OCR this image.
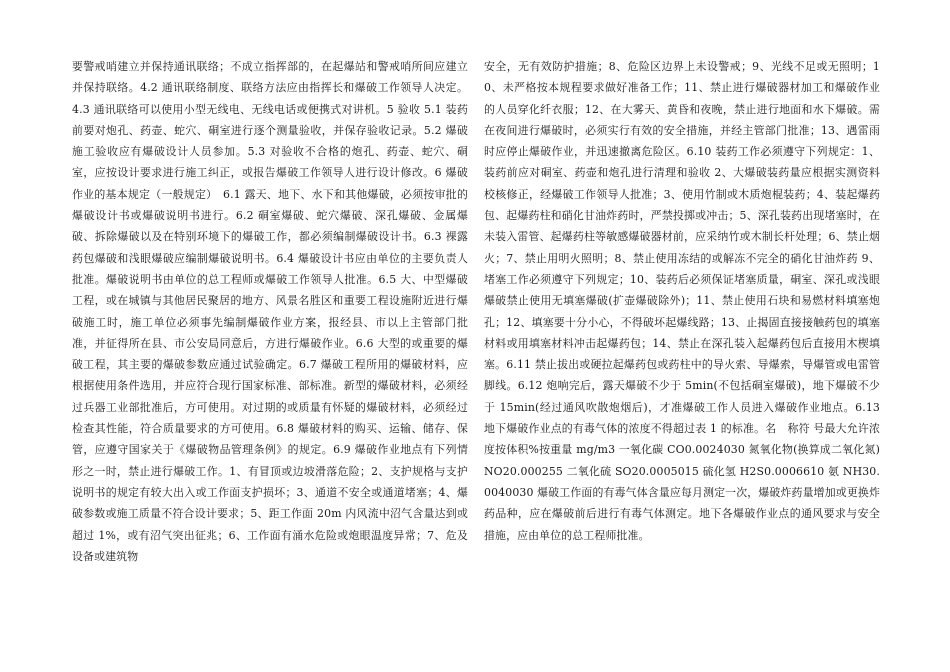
要警戒哨建立并保持通讯联络；不成立指挥部的，在起爆站和警戒哨所间应建立并保持联络。4.2 通讯联络制度、联络方法应由指挥长和爆破工作领导人决定。4.3 通讯联络可以使用小型无线电、无线电话或便携式对讲机。5 验收 5.1 装药前要对炮孔、药壶、蛇穴、硐室进行逐个测量验收，并保存验收记录。5.2 爆破施工验收应有爆破设计人员参加。5.3 对验收不合格的炮孔、药壶、蛇穴、硐室，应按设计要求进行施工纠正，或报告爆破工作领导人进行设计修改。6 爆破作业的基本规定（一般规定）　6.1 露天、地下、水下和其他爆破，必须按审批的爆破设计书或爆破说明书进行。6.2 硐室爆破、蛇穴爆破、深孔爆破、金属爆破、拆除爆破以及在特别环境下的爆破工作，都必须编制爆破设计书。6.3 裸露药包爆破和浅眼爆破应编制爆破说明书。6.4 爆破设计书应由单位的主要负责人批准。爆破说明书由单位的总工程师或爆破工作领导人批准。6.5 大、中型爆破工程，或在城镇与其他居民聚居的地方、风景名胜区和重要工程设施附近进行爆破施工时，施工单位必须事先编制爆破作业方案，报经县、市以上主管部门批准，并征得所在县、市公安局同意后，方进行爆破作业。6.6 大型的或重要的爆破工程，其主要的爆破参数应通过试验确定。6.7 爆破工程所用的爆破材料，应根据使用条件选用，并应符合现行国家标准、部标准。新型的爆破材料，必须经过兵器工业部批准后，方可使用。对过期的或质量有怀疑的爆破材料，必须经过检查其性能，符合质量要求的方可使用。6.8 爆破材料的购买、运输、储存、保管，应遵守国家关于《爆破物品管理条例》的规定。6.9 爆破作业地点有下列情形之一时，禁止进行爆破工作。1、有冒顶或边坡滑落危险；2、支护规格与支护说明书的规定有较大出入或工作面支护损坏；3、通道不安全或通道堵塞；4、爆破参数或施工质量不符合设计要求；5、距工作面 20m 内风流中沼气含量达到或超过 1%，或有沼气突出征兆；6、工作面有涌水危险或炮眼温度异常；7、危及设备或建筑物

安全，无有效防护措施；8、危险区边界上未设警戒；9、光线不足或无照明；10、未严格按本规程要求做好准备工作；11、禁止进行爆破器材加工和爆破作业的人员穿化纤衣服；12、在大雾天、黄昏和夜晚，禁止进行地面和水下爆破。需在夜间进行爆破时，必须实行有效的安全措施，并经主管部门批准；13、遇雷雨时应停止爆破作业，并迅速撤离危险区。6.10 装药工作必须遵守下列规定：1、装药前应对硐室、药壶和炮孔进行清理和验收 2、大爆破装药量应根据实测资料校核修正，经爆破工作领导人批准；3、使用竹制或木质炮棍装药；4、装起爆药包、起爆药柱和硝化甘油炸药时，严禁投掷或冲击；5、深孔装药出现堵塞时，在未装入雷管、起爆药柱等敏感爆破器材前，应采纳竹或木制长杆处理；6、禁止烟火；7、禁止用明火照明；8、禁止使用冻结的或解冻不完全的硝化甘油炸药 9、堵塞工作必须遵守下列规定；10、装药后必须保证堵塞质量，硐室、深孔或浅眼爆破禁止使用无填塞爆破(扩壶爆破除外)；11、禁止使用石块和易燃材料填塞炮孔；12、填塞要十分小心，不得破坏起爆线路；13、止揭固直接接触药包的填塞材料或用填塞材料冲击起爆药包；14、禁止在深孔装入起爆药包后直接用木楔填塞。6.11 禁止拔出或硬拉起爆药包或药柱中的导火索、导爆索，导爆管或电雷管脚线。6.12 炮响完后，露天爆破不少于 5min(不包括硐室爆破)，地下爆破不少于 15min(经过通风吹散炮烟后)，才准爆破工作人员进入爆破作业地点。6.13 地下爆破作业点的有毒气体的浓度不得超过表 1 的标准。名　称符 号最大允许浓度按体积%按重量 mg/m3 一氧化碳 CO0.0024030 氮氧化物(换算成二氧化氮)NO20.000255 二氧化硫 SO20.0005015 硫化氢 H2S0.0006610 氨 NH30.0040030 爆破工作面的有毒气体含量应每月测定一次，爆破炸药量增加或更换炸药品种，应在爆破前后进行有毒气体测定。地下各爆破作业点的通风要求与安全措施，应由单位的总工程师批准。
